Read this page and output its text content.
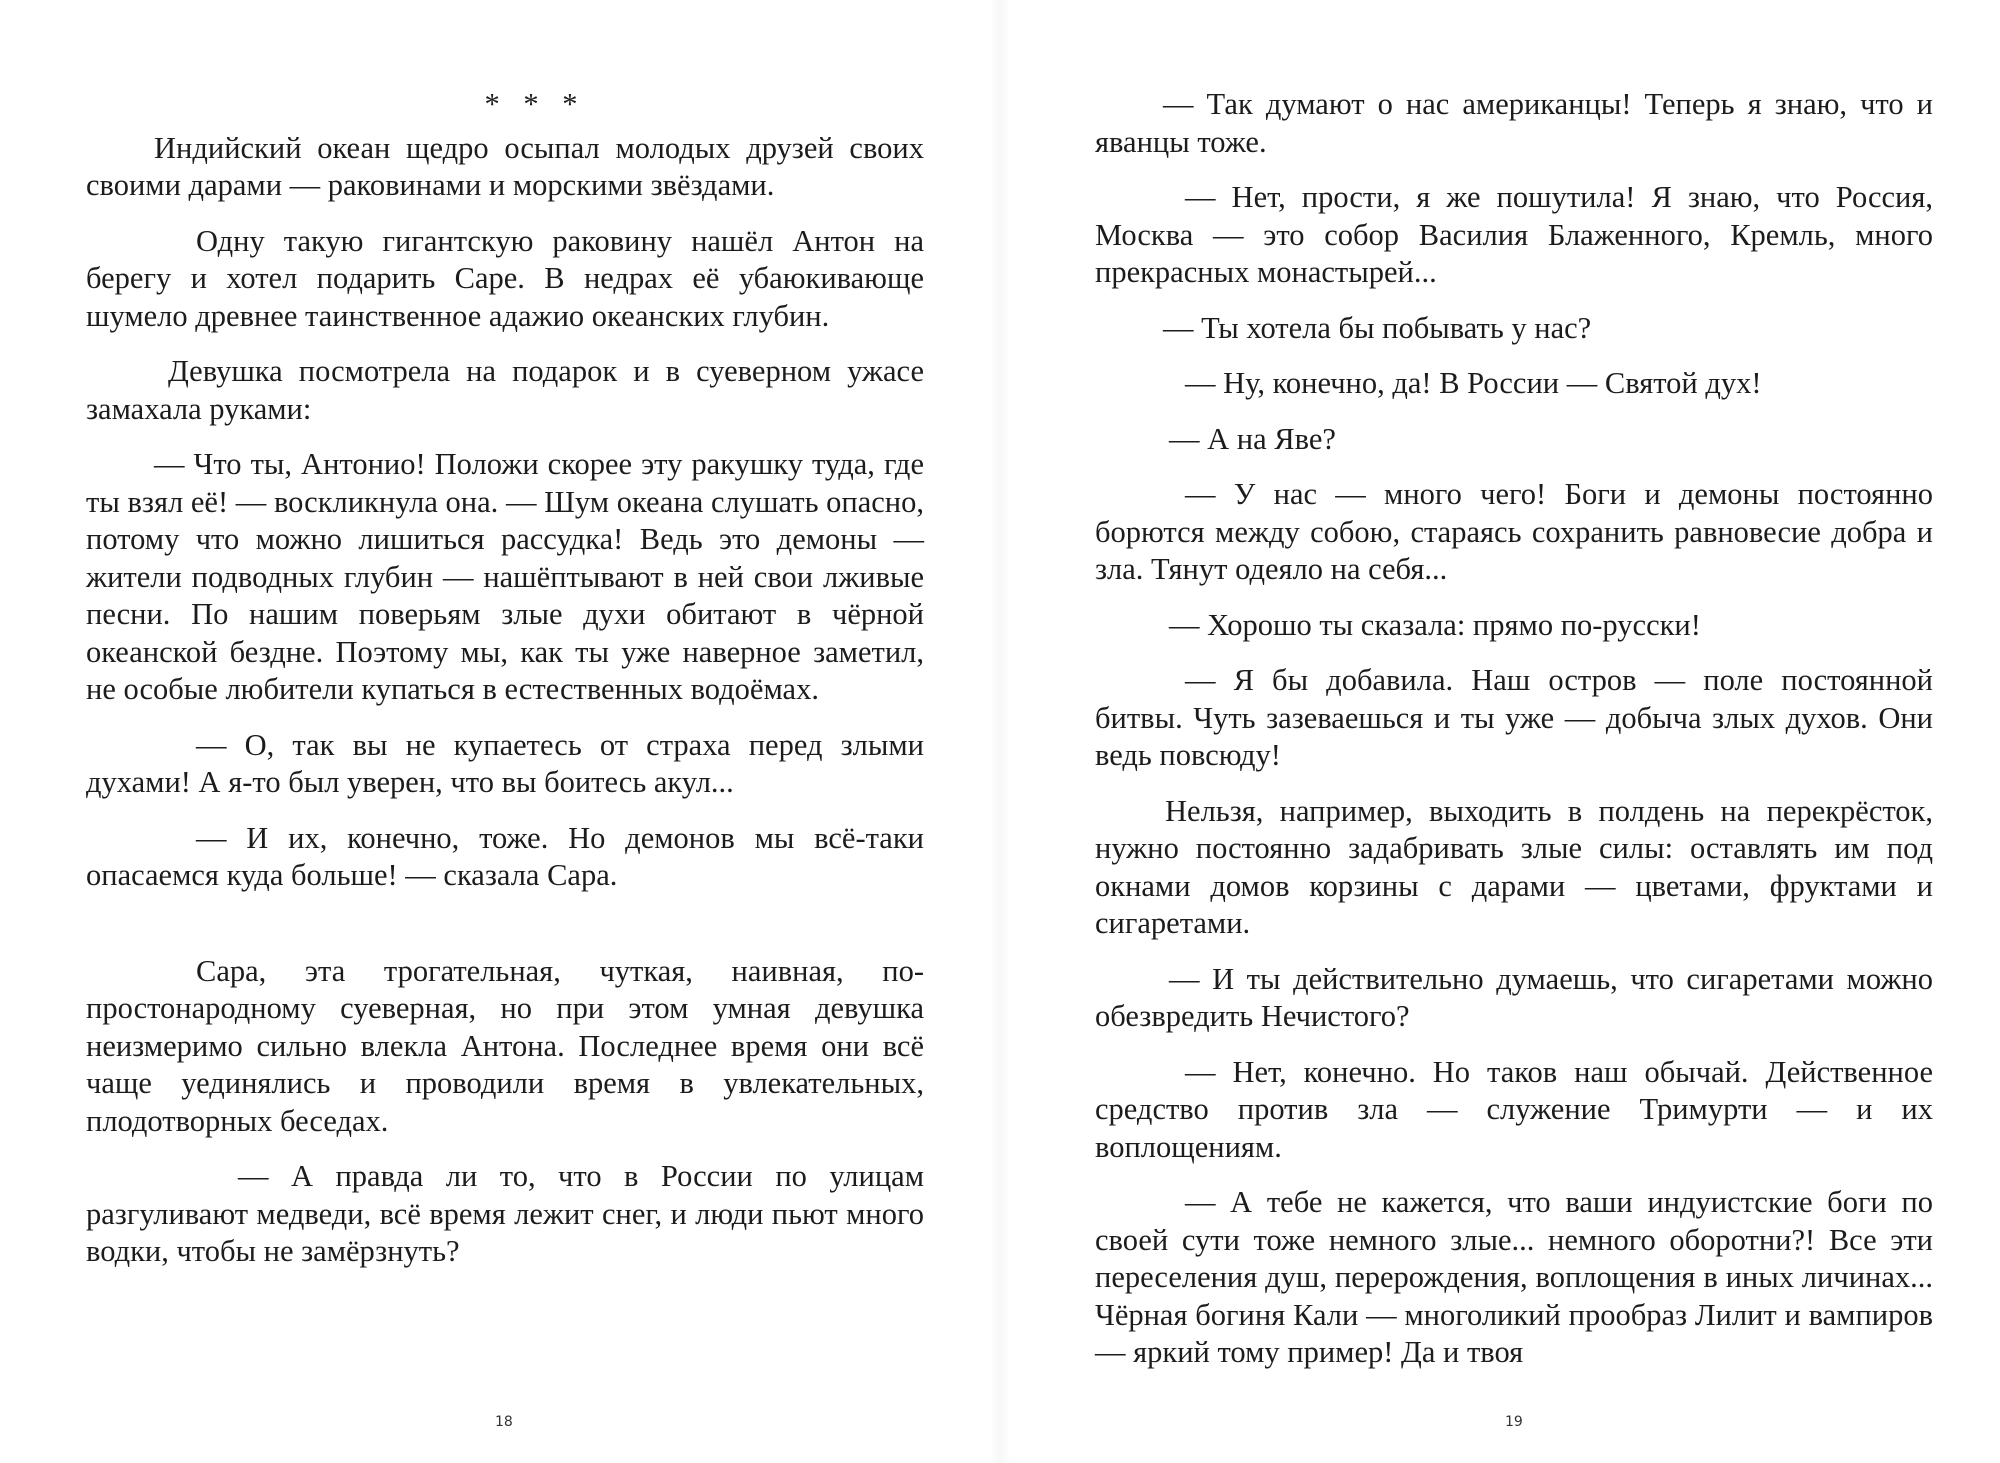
* * *

Индийский океан щедро осыпал молодых друзей своих своими дарами — раковинами и морскими звёздами.

Одну такую гигантскую раковину нашёл Антон на берегу и хотел подарить Саре. В недрах её убаюкивающе шумело древнее таинственное адажио океанских глубин.

Девушка посмотрела на подарок и в суеверном ужасе замахала руками:

— Что ты, Антонио! Положи скорее эту ракушку туда, где ты взял её! — воскликнула она. — Шум океана слушать опасно, потому что можно лишиться рассудка! Ведь это демоны — жители подводных глубин — нашёптывают в ней свои лживые песни. По нашим поверьям злые духи обитают в чёрной океанской бездне. Поэтому мы, как ты уже наверное заметил, не особые любители купаться в естественных водоёмах.

— О, так вы не купаетесь от страха перед злыми духами! А я-то был уверен, что вы боитесь акул...

— И их, конечно, тоже. Но демонов мы всё-таки опасаемся куда больше! — сказала Сара.

Сара, эта трогательная, чуткая, наивная, по-простонародному суеверная, но при этом умная девушка неизмеримо сильно влекла Антона. Последнее время они всё чаще уединялись и проводили время в увлекательных, плодотворных беседах.

— А правда ли то, что в России по улицам разгуливают медведи, всё время лежит снег, и люди пьют много водки, чтобы не замёрзнуть?

18

— Так думают о нас американцы! Теперь я знаю, что и яванцы тоже.

— Нет, прости, я же пошутила! Я знаю, что Россия, Москва — это собор Василия Блаженного, Кремль, много прекрасных монастырей...

— Ты хотела бы побывать у нас?

— Ну, конечно, да! В России — Святой дух!

— А на Яве?

— У нас — много чего! Боги и демоны постоянно борются между собою, стараясь сохранить равновесие добра и зла. Тянут одеяло на себя...

— Хорошо ты сказала: прямо по-русски!

— Я бы добавила. Наш остров — поле постоянной битвы. Чуть зазеваешься и ты уже — добыча злых духов. Они ведь повсюду!

Нельзя, например, выходить в полдень на перекрёсток, нужно постоянно задабривать злые силы: оставлять им под окнами домов корзины с дарами — цветами, фруктами и сигаретами.

— И ты действительно думаешь, что сигаретами можно обезвредить Нечистого?

— Нет, конечно. Но таков наш обычай. Действенное средство против зла — служение Тримурти — и их воплощениям.

— А тебе не кажется, что ваши индуистские боги по своей сути тоже немного злые... немного оборотни?! Все эти переселения душ, перерождения, воплощения в иных личинах... Чёрная богиня Кали — многоликий прообраз Лилит и вампиров — яркий тому пример! Да и твоя

19
